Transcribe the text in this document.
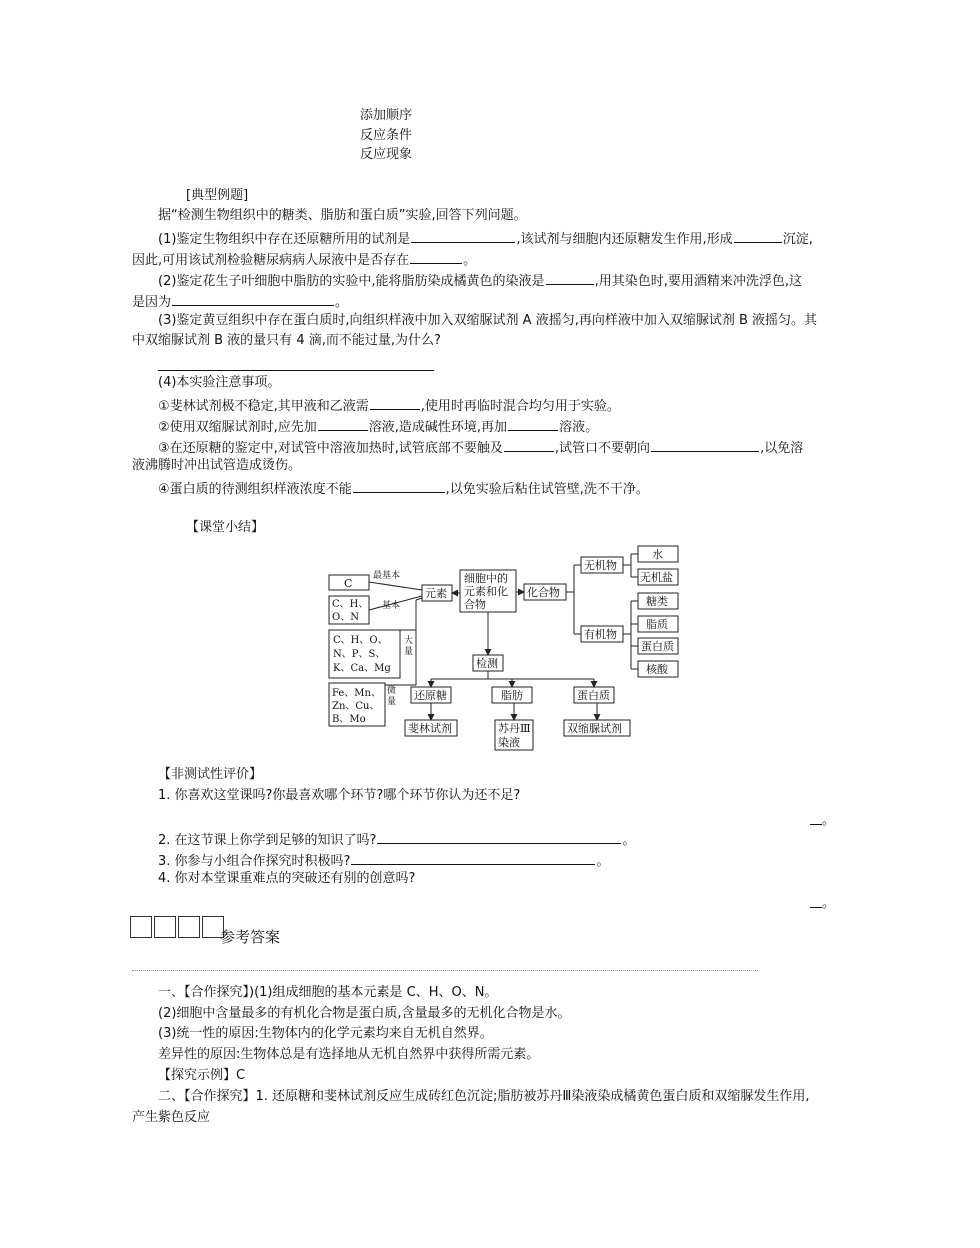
添加顺序
反应条件
反应现象
[典型例题]
据“检测生物组织中的糖类、脂肪和蛋白质”实验,回答下列问题。
(1)鉴定生物组织中存在还原糖所用的试剂是	,该试剂与细胞内还原糖发生作用,形成	沉淀,
因此,可用该试剂检验糖尿病病人尿液中是否存在	。
(2)鉴定花生子叶细胞中脂肪的实验中,能将脂肪染成橘黄色的染液是	,用其染色时,要用酒精来冲洗浮色,这
是因为	。
(3)鉴定黄豆组织中存在蛋白质时,向组织样液中加入双缩脲试剂 A 液摇匀,再向样液中加入双缩脲试剂 B 液摇匀。其
中双缩脲试剂 B 液的量只有 4 滴,而不能过量,为什么?
(4)本实验注意事项。
①斐林试剂极不稳定,其甲液和乙液需	,使用时再临时混合均匀用于实验。
②使用双缩脲试剂时,应先加	溶液,造成碱性环境,再加	溶液。
③在还原糖的鉴定中,对试管中溶液加热时,试管底部不要触及	,试管口不要朝向	,以免溶
液沸腾时冲出试管造成烫伤。
④蛋白质的待测组织样液浓度不能	,以免实验后粘住试管壁,洗不干净。
【课堂小结】
C
最基本
基本
C、H、
O、N
C、H、O、
N、P、S、
K、Ca、Mg
大
量
Fe、Mn、
Zn、Cu、
B、Mo
微
量
元素
细胞中的
元素和化
合物
化合物
无机物
水
无机盐
有机物
糖类
脂质
蛋白质
核酸
检测
还原糖	脂肪	蛋白质
斐林试剂	苏丹Ⅲ
染液
双缩脲试剂
【非测试性评价】
1. 你喜欢这堂课吗?你最喜欢哪个环节?哪个环节你认为还不足?
。
2. 在这节课上你学到足够的知识了吗?	。
3. 你参与小组合作探究时积极吗?	。
4. 你对本堂课重难点的突破还有别的创意吗?
。
参考答案
一、【合作探究】)(1)组成细胞的基本元素是 C、H、O、N。
(2)细胞中含量最多的有机化合物是蛋白质,含量最多的无机化合物是水。
(3)统一性的原因:生物体内的化学元素均来自无机自然界。
差异性的原因:生物体总是有选择地从无机自然界中获得所需元素。
【探究示例】C
二、【合作探究】1. 还原糖和斐林试剂反应生成砖红色沉淀;脂肪被苏丹Ⅲ染液染成橘黄色蛋白质和双缩脲发生作用,
产生紫色反应
